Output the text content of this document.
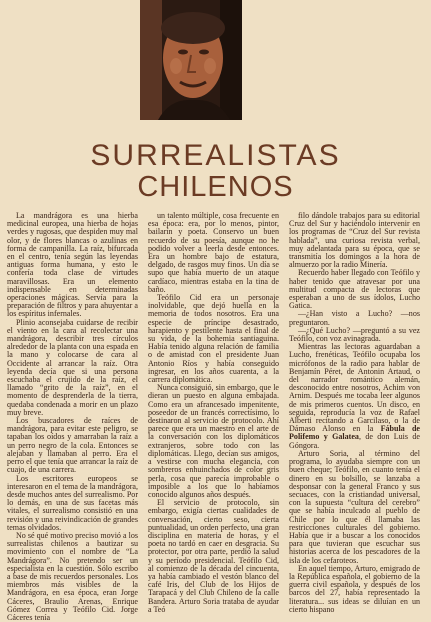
SURREALISTAS
CHILENOS

La mandrágora es una hierba medicinal europea, una hierba de hojas verdes y rugosas, que despiden muy mal olor, y de flores blancas o azulinas en forma de campanilla. La raíz, bifurcada en el centro, tenía según las leyendas antiguas forma humana, y esto le confería toda clase de virtudes maravillosas. Era un elemento indispensable en determinadas operaciones mágicas. Servía para la preparación de filtros y para ahuyentar a los espíritus infernales.

Plinio aconsejaba cuidarse de recibir el viento en la cara al recolectar una mandrágora, describir tres círculos alrededor de la planta con una espada en la mano y colocarse de cara al Occidente al arrancar la raíz. Otra leyenda decía que si una persona escuchaba el crujido de la raíz, el llamado “grito de la raíz”, en el momento de desprenderla de la tierra, quedaba condenada a morir en un plazo muy breve.

Los buscadores de raíces de mandrágora, para evitar este peligro, se tapaban los oídos y amarraban la raíz a un perro negro de la cola. Entonces se alejaban y llamaban al perro. Era el perro el que tenía que arrancar la raíz de cuajo, de una carrera.

Los escritores europeos se interesaron en el tema de la mandrágora, desde muchos antes del surrealismo. Por lo demás, en una de sus facetas más vitales, el surrealismo consistió en una revisión y una reivindicación de grandes temas olvidados.

No sé qué motivo preciso movió a los surrealistas chilenos a bautizar su movimiento con el nombre de “La Mandrágora”. No pretendo ser un especialista en la cuestión. Sólo escribo a base de mis recuerdos personales. Los miembros más visibles de la Mandrágora, en esa época, eran Jorge Cáceres, Braulio Arenas, Enrique Gómez Correa y Teófilo Cid. Jorge Cáceres tenía

un talento múltiple, cosa frecuente en esa época: era, por lo menos, pintor, bailarín y poeta. Conservo un buen recuerdo de su poesía, aunque no he podido volver a leerla desde entonces. Era un hombre bajo de estatura, delgado, de rasgos muy finos. Un día se supo que había muerto de un ataque cardíaco, mientras estaba en la tina de baño.

Teófilo Cid era un personaje inolvidable, que dejó huella en la memoria de todos nosotros. Era una especie de príncipe desastrado, harapiento y pestilente hasta el final de su vida, de la bohemia santiaguina. Había tenido alguna relación de familia o de amistad con el presidente Juan Antonio Ríos y había conseguido ingresar, en los años cuarenta, a la carrera diplomática.

Nunca consiguió, sin embargo, que le dieran un puesto en alguna embajada. Como era un afrancesado impenitente, poseedor de un francés correctísimo, lo destinaron al servicio de protocolo. Ahí parece que era un maestro en el arte de la conversación con los diplomáticos extranjeros, sobre todo con las diplomáticas. Llego, decían sus amigos, a vestirse con mucha elegancia, con sombreros enhuinchados de color gris perla, cosa que parecía improbable o imposible a los que lo habíamos conocido algunos años después.

El servicio de protocolo, sin embargo, exigía ciertas cualidades de conversación, cierto seso, cierta puntualidad, un orden perfecto, una gran disciplina en materia de horas, y el poeta no tardó en caer en desgracia. Su protector, por otra parte, perdió la salud y su período presidencial. Teófilo Cid, al comienzo de la década del cincuenta, ya había cambiado el vestón blanco del café Iris, del Club de los Hijos de Tarapacá y del Club Chileno de la calle Bandera. Arturo Soria trataba de ayudar a Teó

filo dándole trabajos para su editorial Cruz del Sur y haciéndolo intervenir en los programas de “Cruz del Sur revista hablada”, una curiosa revista verbal, muy adelantada para su época, que se transmitía los domingos a la hora de almuerzo por la radio Minería.

Recuerdo haber llegado con Teófilo y haber tenido que atravesar por una multitud compacta de lectoras que esperaban a uno de sus ídolos, Lucho Gatica.

—¿Han visto a Lucho? —nos preguntaron.

—¿Qué Lucho? —preguntó a su vez Teófilo, con voz avinagrada.

Mientras las lectoras aguardaban a Lucho, frenéticas, Teófilo ocupaba los micrófonos de la radio para hablar de Benjamín Péret, de Antonin Artaud, o del narrador romántico alemán, desconocido entre nosotros, Achim von Arnim. Después me tocaba leer algunos de mis primeros cuentos. Un disco, en seguida, reproducía la voz de Rafael Alberti recitando a Garcilaso, o la de Dámaso Alonso en la Fábula de Polifemo y Galatea, de don Luis de Góngora.

Arturo Soria, al término del programa, lo ayudaba siempre con un buen cheque; Teófilo, en cuanto tenía el dinero en su bolsillo, se lanzaba a desponsar con la general Franco y sus secuaces, con la cristiandad universal, con la supuesta “cultura del cerebro” que se había inculcado al pueblo de Chile por lo que él llamaba las restricciones culturales del gobierno. Había que ir a buscar a los conocidos para que tuvieran que escuchar sus historias acerca de los pescadores de la isla de los cefaroteos.

En aquel tiempo, Arturo, emigrado de la República española, el gobierno de la guerra civil española, y después de los barcos del 27, había representado la literatura... sus ideas se diluían en un cierto hispano
